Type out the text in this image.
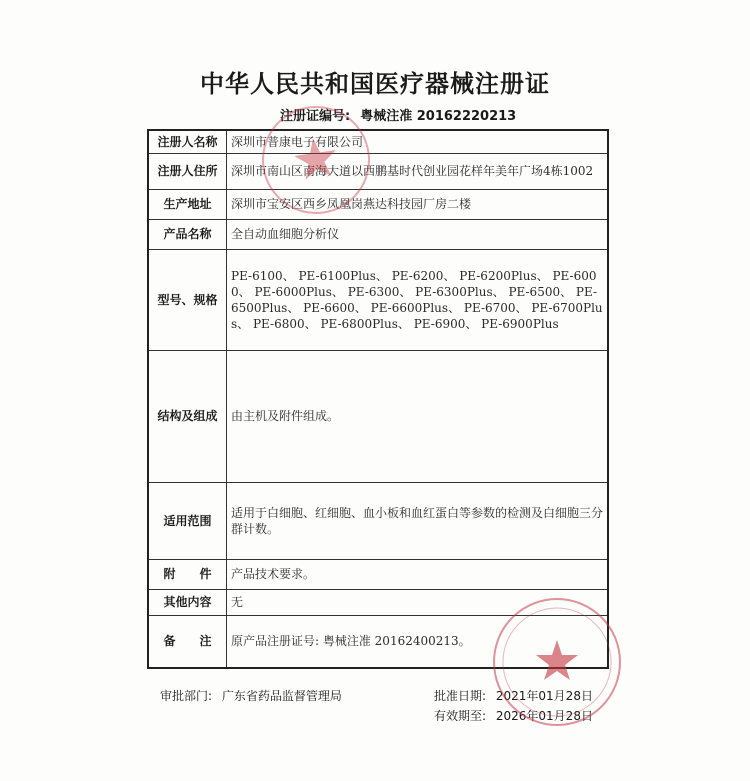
中华人民共和国医疗器械注册证
注册证编号: 粤械注准 20162220213
注册人名称	深圳市普康电子有限公司
注册人住所	深圳市南山区南海大道以西鹏基时代创业园花样年美年广场4栋1002
生产地址	深圳市宝安区西乡凤凰岗燕达科技园厂房二楼
产品名称	全自动血细胞分析仪
型号、规格	PE-6100、 PE-6100Plus、 PE-6200、 PE-6200Plus、 PE-6000、 PE-6000Plus、 PE-6300、 PE-6300Plus、 PE-6500、 PE-6500Plus、 PE-6600、 PE-6600Plus、 PE-6700、 PE-6700Plus、 PE-6800、 PE-6800Plus、 PE-6900、 PE-6900Plus
结构及组成	由主机及附件组成。
适用范围	适用于白细胞、红细胞、血小板和血红蛋白等参数的检测及白细胞三分群计数。
附　　件	产品技术要求。
其他内容	无
备　　注	原产品注册证号: 粤械注准 20162400213。
审批部门: 广东省药品监督管理局	批准日期: 2021年01月28日
有效期至: 2026年01月28日
